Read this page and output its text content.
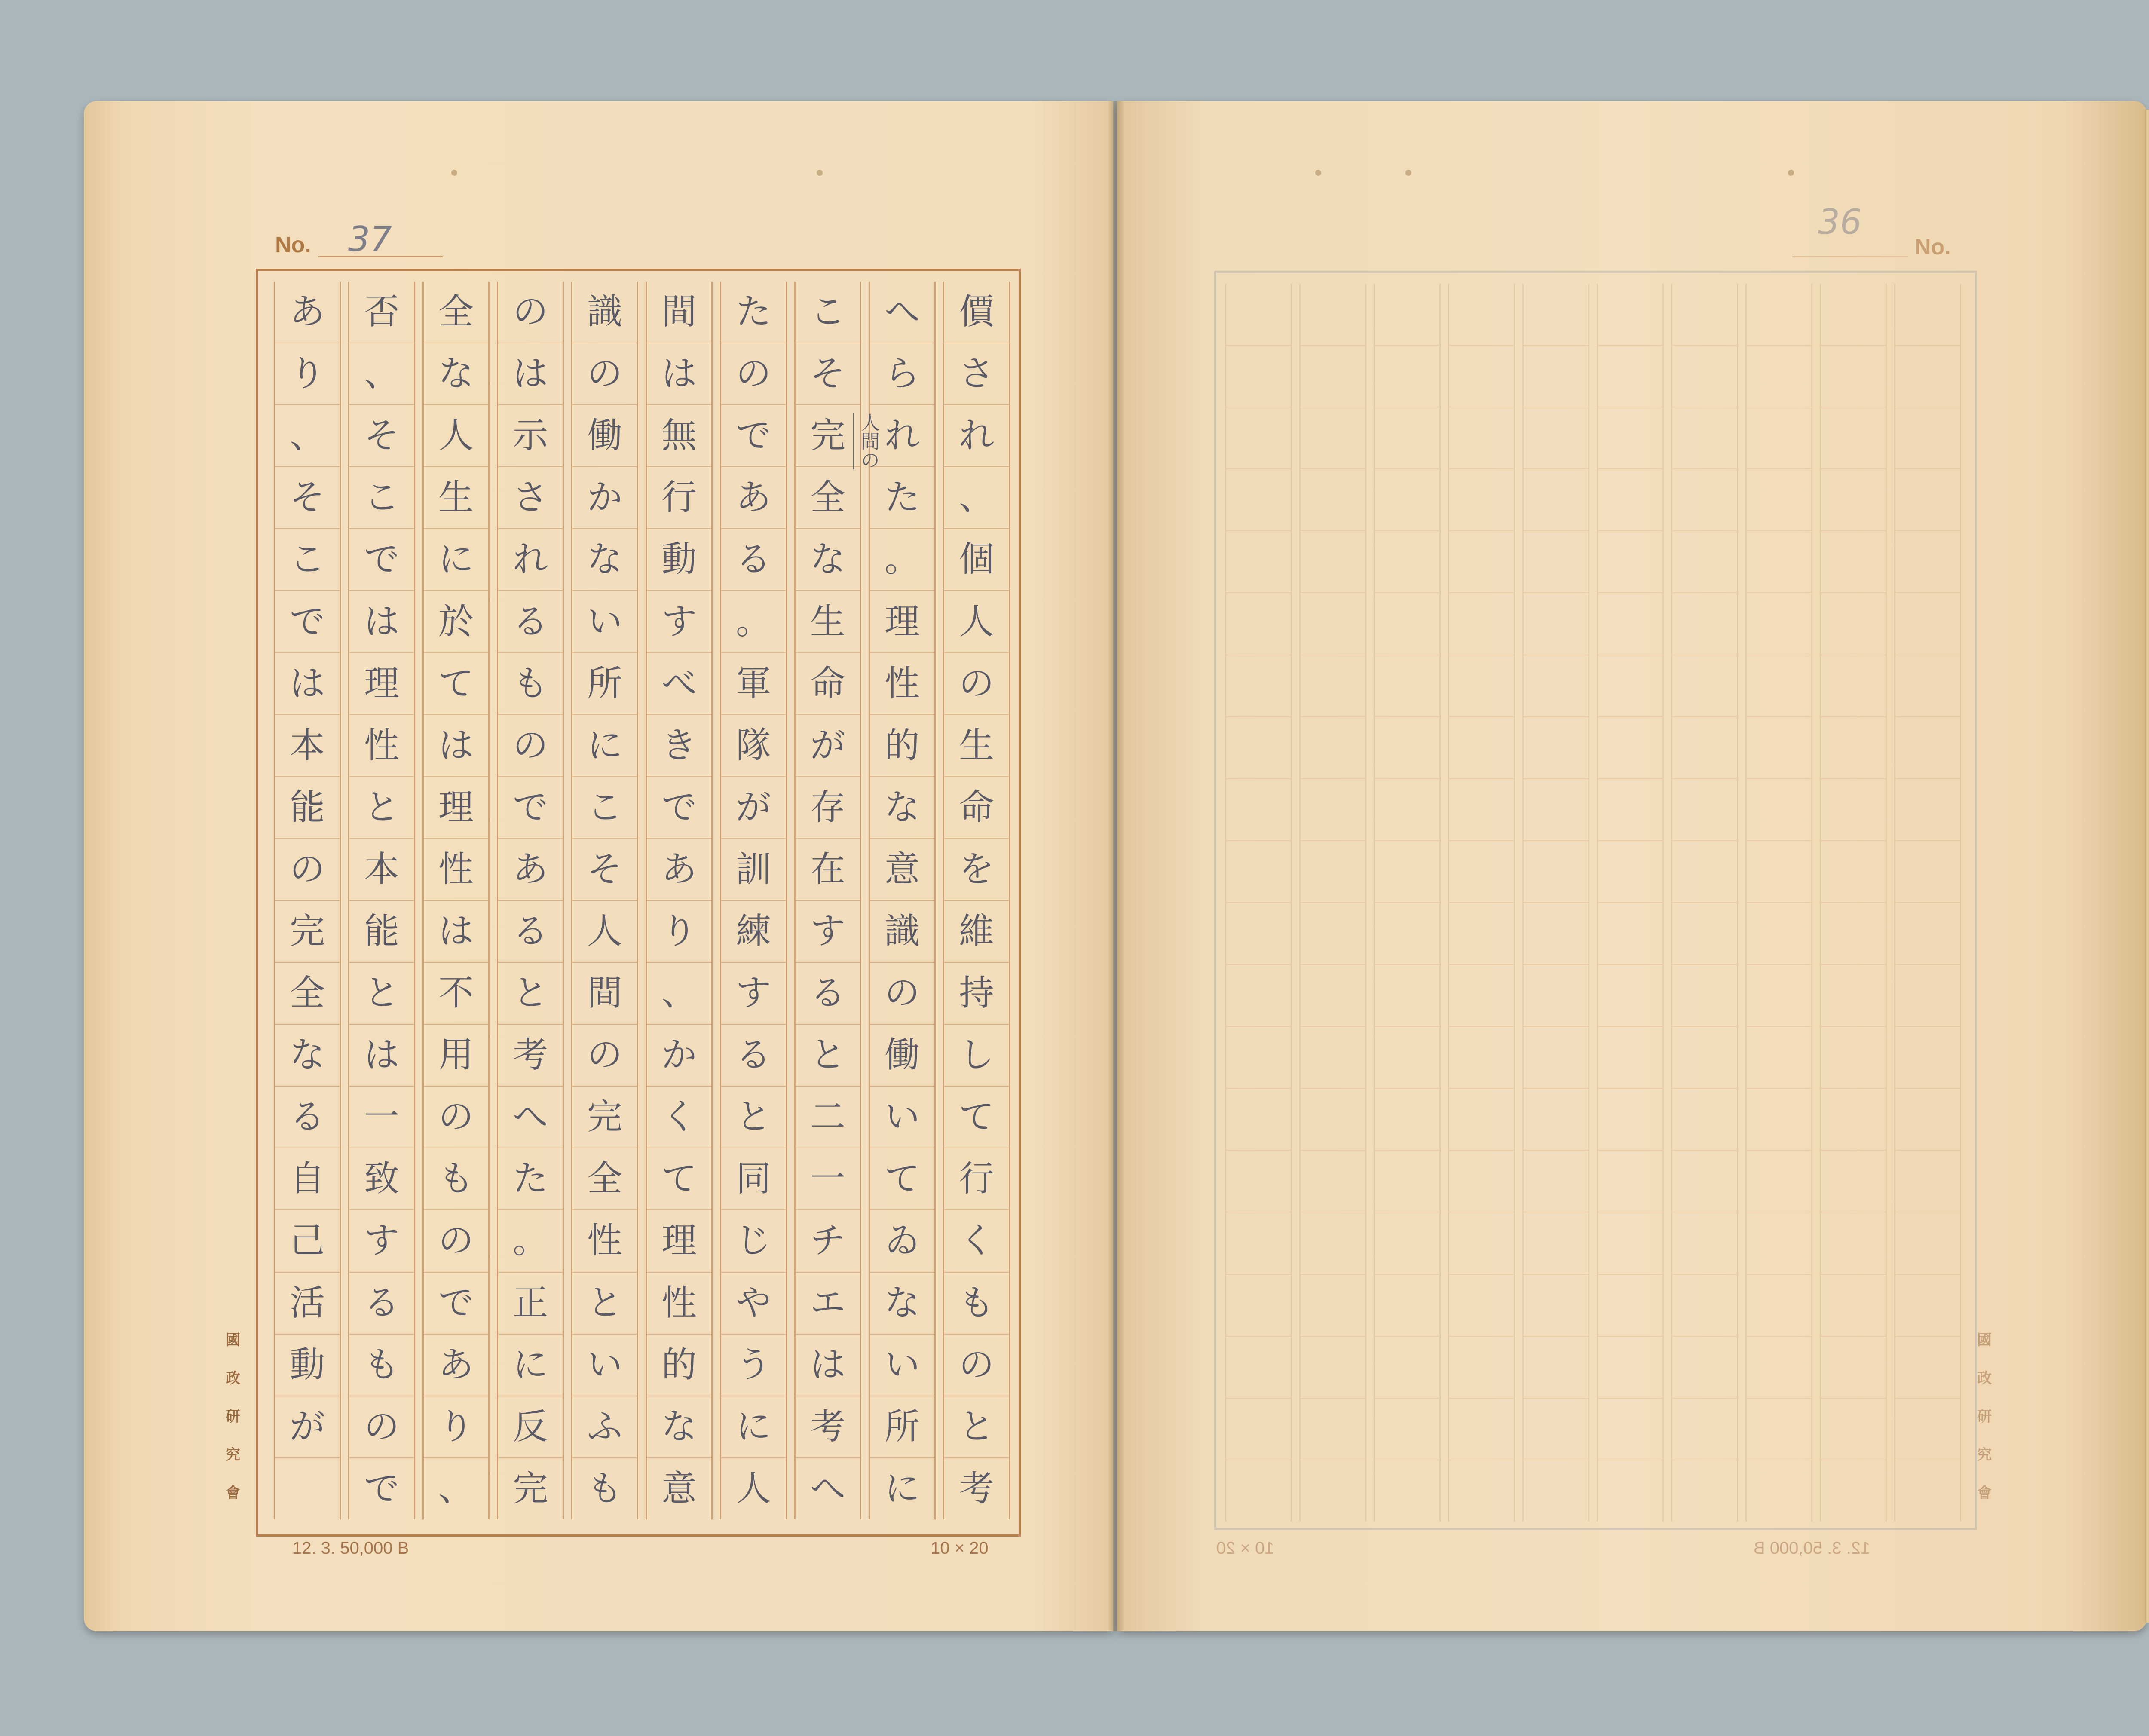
No. 37
價
さ
れ
、
個
人
の
生
命
を
維
持
し
て
行
く
も
の
と
考
へ
ら
れ
た
。
理
性
的
な
意
識
の
働
い
て
ゐ
な
い
所
に
こ
そ
完
全
な
生
命
が
存
在
す
る
と
二
一
チ
エ
は
考
へ
た
の
で
あ
る
。
軍
隊
が
訓
練
す
る
と
同
じ
や
う
に
人
間
は
無
行
動
す
べ
き
で
あ
り
、
か
く
て
理
性
的
な
意
識
の
働
か
な
い
所
に
こ
そ
人
間
の
完
全
性
と
い
ふ
も
の
は
示
さ
れ
る
も
の
で
あ
る
と
考
へ
た
。
正
に
反
完
全
な
人
生
に
於
て
は
理
性
は
不
用
の
も
の
で
あ
り
、
否
、
そ
こ
で
は
理
性
と
本
能
と
は
一
致
す
る
も
の
で
あ
り
、
そ
こ
で
は
本
能
の
完
全
な
る
自
己
活
動
が
國
政
研
究
會
12. 3. 50,000 B	10 × 20
No.
36
國
政
研
究
會
12. 3. 50,000 B
10 × 20
人間の
